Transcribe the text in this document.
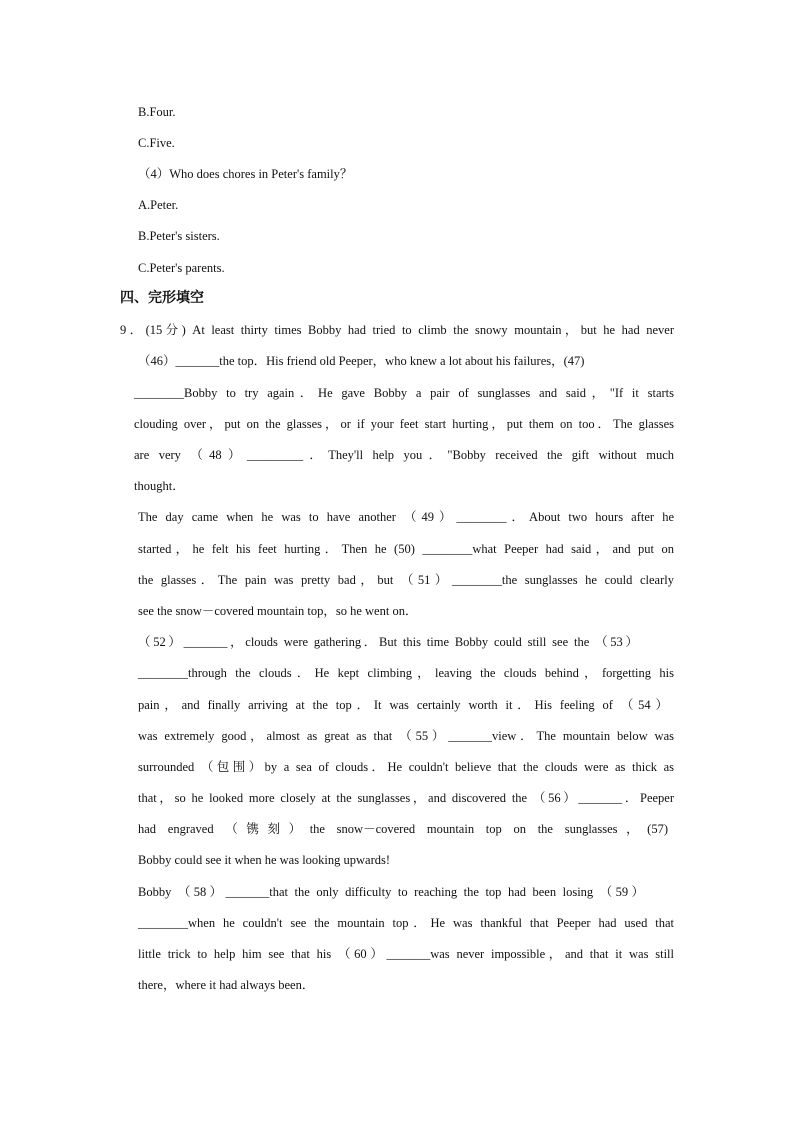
B.Four.
C.Five.
（4）Who does chores in Peter's family？
A.Peter.
B.Peter's sisters.
C.Peter's parents.
四、完形填空
9．(15分) At least thirty times Bobby had tried to climb the snowy mountain，but he had never
（46）_______the top．His friend old Peeper，who knew a lot about his failures，(47)
________Bobby to try again．He gave Bobby a pair of sunglasses and said，"If it starts
clouding over，put on the glasses，or if your feet start hurting，put them on too．The glasses
are very （48）_________．They'll help you．"Bobby received the gift without much
thought．
The day came when he was to have another （49）________．About two hours after he
started，he felt his feet hurting．Then he (50) ________what Peeper had said，and put on
the glasses．The pain was pretty bad，but （51）________the sunglasses he could clearly
see the snow－covered mountain top，so he went on．
（52）_______，clouds were gathering．But this time Bobby could still see the （53）
________through the clouds．He kept climbing，leaving the clouds behind，forgetting his
pain，and finally arriving at the top．It was certainly worth it．His feeling of （54）
was extremely good，almost as great as that （55）_______view．The mountain below was
surrounded （包围）by a sea of clouds．He couldn't believe that the clouds were as thick as
that，so he looked more closely at the sunglasses，and discovered the （56）_______．Peeper
had engraved （镌刻）the snow－covered mountain top on the sunglasses，(57)
Bobby could see it when he was looking upwards!
Bobby （58）_______that the only difficulty to reaching the top had been losing （59）
________when he couldn't see the mountain top．He was thankful that Peeper had used that
little trick to help him see that his （60）_______was never impossible，and that it was still
there，where it had always been．
